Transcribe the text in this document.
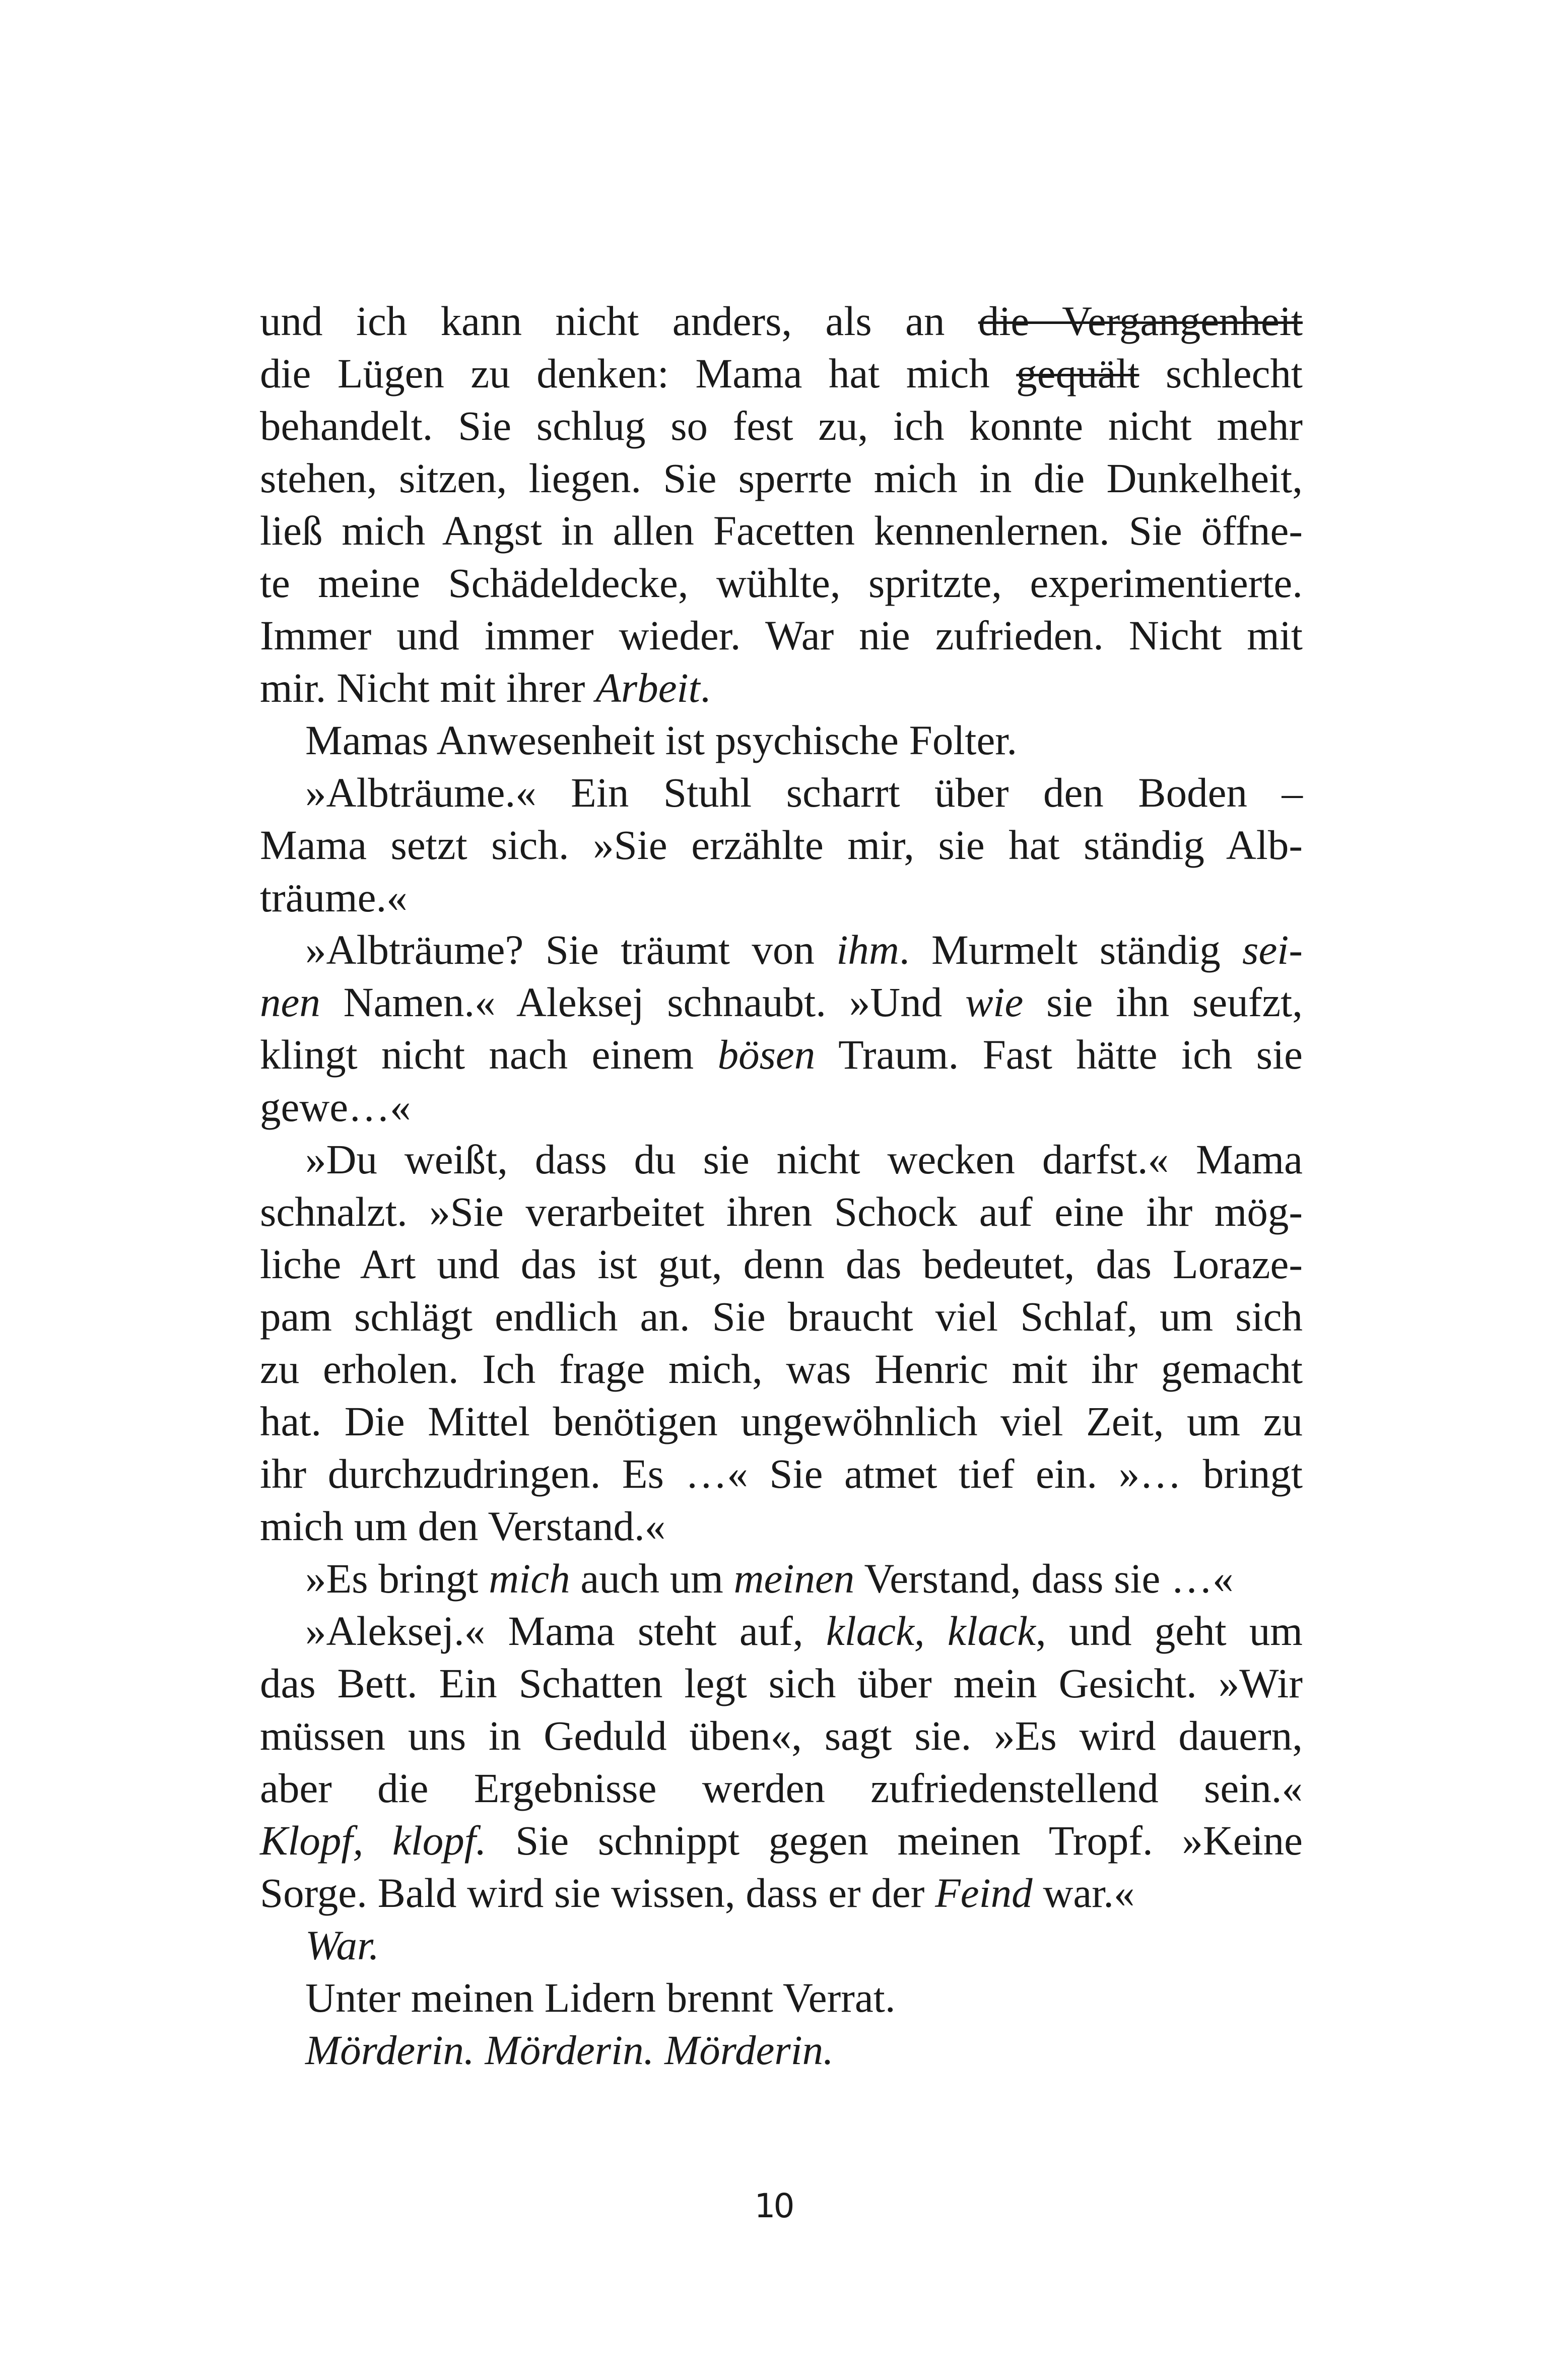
und ich kann nicht anders, als an die Vergangenheit
die Lügen zu denken: Mama hat mich gequält schlecht
behandelt. Sie schlug so fest zu, ich konnte nicht mehr
stehen, sitzen, liegen. Sie sperrte mich in die Dunkelheit,
ließ mich Angst in allen Facetten kennenlernen. Sie öffne-
te meine Schädeldecke, wühlte, spritzte, experimentierte.
Immer und immer wieder. War nie zufrieden. Nicht mit
mir. Nicht mit ihrer Arbeit.
Mamas Anwesenheit ist psychische Folter.
»Albträume.« Ein Stuhl scharrt über den Boden –
Mama setzt sich. »Sie erzählte mir, sie hat ständig Alb-
träume.«
»Albträume? Sie träumt von ihm. Murmelt ständig sei-
nen Namen.« Aleksej schnaubt. »Und wie sie ihn seufzt,
klingt nicht nach einem bösen Traum. Fast hätte ich sie
gewe…«
»Du weißt, dass du sie nicht wecken darfst.« Mama
schnalzt. »Sie verarbeitet ihren Schock auf eine ihr mög-
liche Art und das ist gut, denn das bedeutet, das Loraze-
pam schlägt endlich an. Sie braucht viel Schlaf, um sich
zu erholen. Ich frage mich, was Henric mit ihr gemacht
hat. Die Mittel benötigen ungewöhnlich viel Zeit, um zu
ihr durchzudringen. Es …« Sie atmet tief ein. »… bringt
mich um den Verstand.«
»Es bringt mich auch um meinen Verstand, dass sie …«
»Aleksej.« Mama steht auf, klack, klack, und geht um
das Bett. Ein Schatten legt sich über mein Gesicht. »Wir
müssen uns in Geduld üben«, sagt sie. »Es wird dauern,
aber die Ergebnisse werden zufriedenstellend sein.«
Klopf, klopf. Sie schnippt gegen meinen Tropf. »Keine
Sorge. Bald wird sie wissen, dass er der Feind war.«
War.
Unter meinen Lidern brennt Verrat.
Mörderin. Mörderin. Mörderin.
10
